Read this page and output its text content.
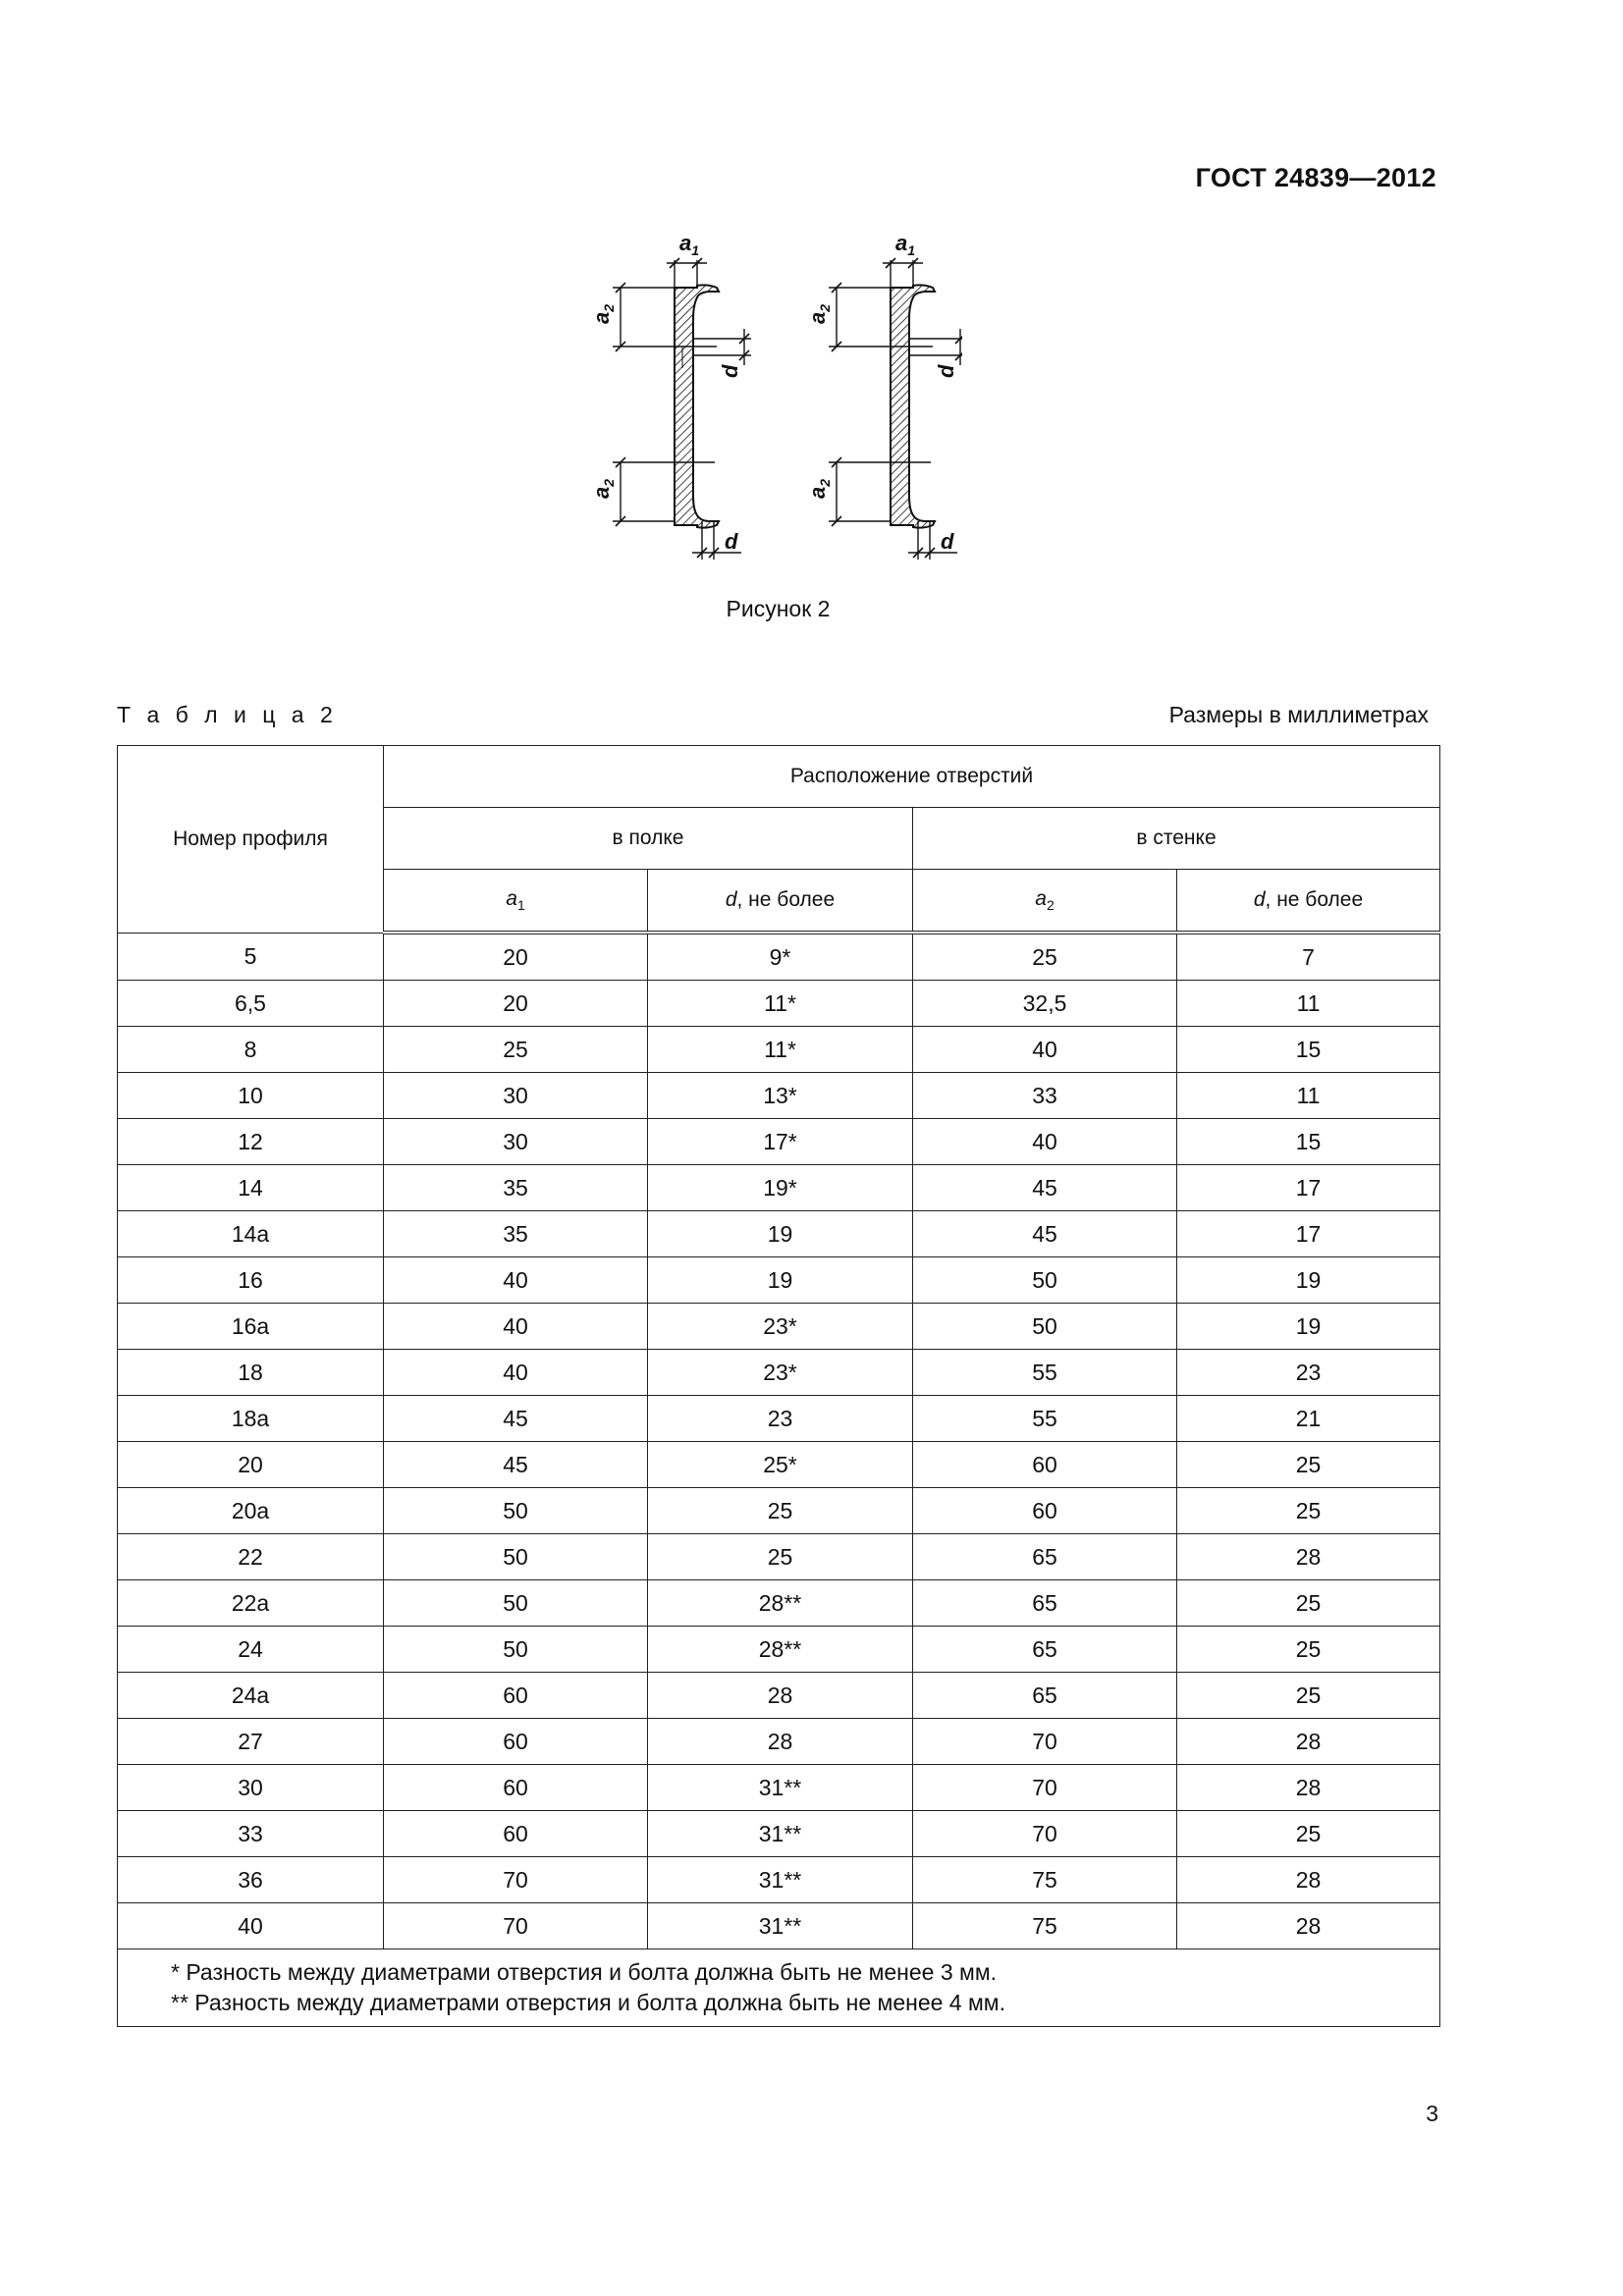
ГОСТ 24839—2012
$a_1$
$a_2$
$a_2$
d
d
$a_1$
$a_2$
$a_2$
d
d
Рисунок 2
Т а б л и ц а 2	Размеры в миллиметрах
Номер профиля	Расположение отверстий			
	в полке		в стенке	
	$a_1$	d, не более	$a_2$	d, не более
5	20	9*	25	7
6,5	20	11*	32,5	11
8	25	11*	40	15
10	30	13*	33	11
12	30	17*	40	15
14	35	19*	45	17
14a	35	19	45	17
16	40	19	50	19
16a	40	23*	50	19
18	40	23*	55	23
18a	45	23	55	21
20	45	25*	60	25
20a	50	25	60	25
22	50	25	65	28
22a	50	28**	65	25
24	50	28**	65	25
24a	60	28	65	25
27	60	28	70	28
30	60	31**	70	28
33	60	31**	70	25
36	70	31**	75	28
40	70	31**	75	28

* Разность между диаметрами отверстия и болта должна быть не менее 3 мм.
** Разность между диаметрами отверстия и болта должна быть не менее 4 мм.				
3
